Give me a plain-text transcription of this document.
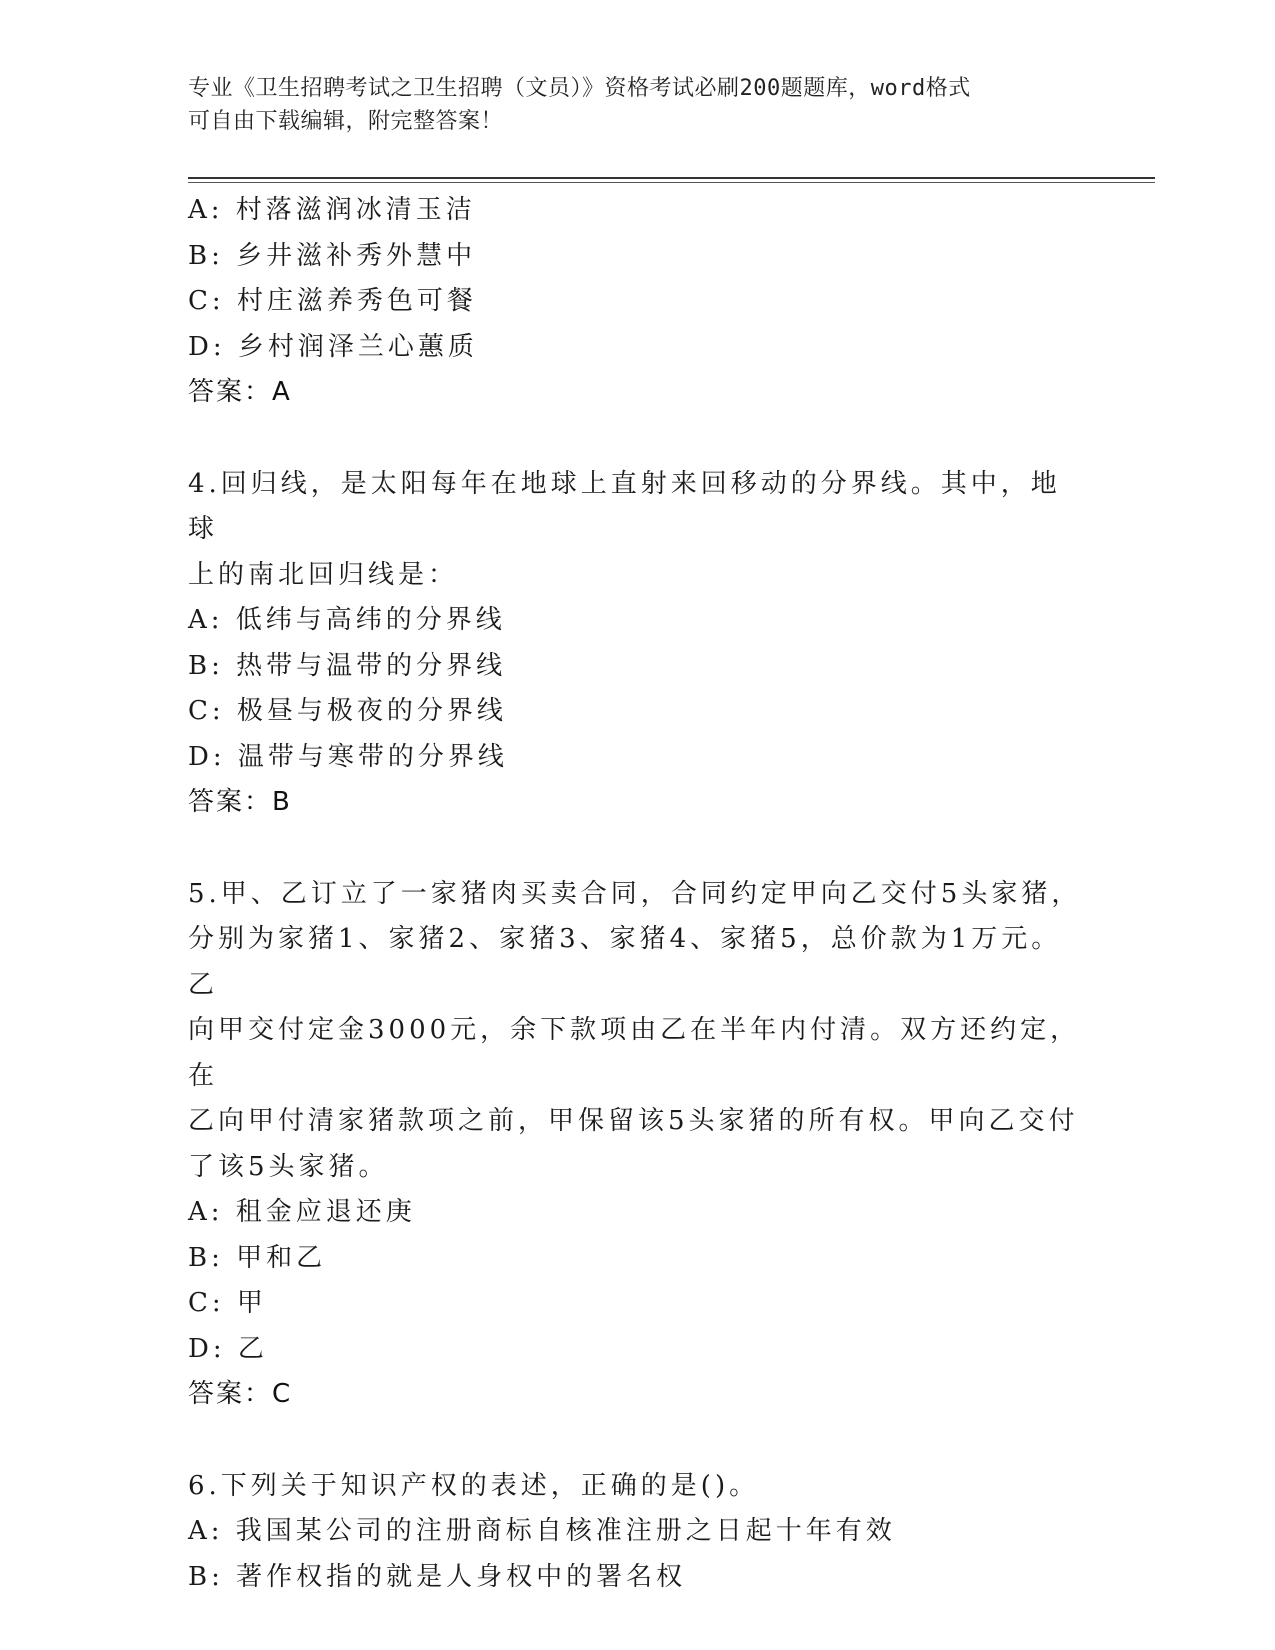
专业《卫生招聘考试之卫生招聘（文员）》资格考试必刷200题题库，word格式
可自由下载编辑，附完整答案！
A: 村落滋润冰清玉洁
B: 乡井滋补秀外慧中
C: 村庄滋养秀色可餐
D: 乡村润泽兰心蕙质
答案：A
4.回归线，是太阳每年在地球上直射来回移动的分界线。其中，地球
上的南北回归线是：
A: 低纬与高纬的分界线
B: 热带与温带的分界线
C: 极昼与极夜的分界线
D: 温带与寒带的分界线
答案：B
5.甲、乙订立了一家猪肉买卖合同，合同约定甲向乙交付5头家猪，
分别为家猪1、家猪2、家猪3、家猪4、家猪5，总价款为1万元。乙
向甲交付定金3000元，余下款项由乙在半年内付清。双方还约定，在
乙向甲付清家猪款项之前，甲保留该5头家猪的所有权。甲向乙交付
了该5头家猪。
A: 租金应退还庚
B: 甲和乙
C: 甲
D: 乙
答案：C
6.下列关于知识产权的表述，正确的是()。
A: 我国某公司的注册商标自核准注册之日起十年有效
B: 著作权指的就是人身权中的署名权
